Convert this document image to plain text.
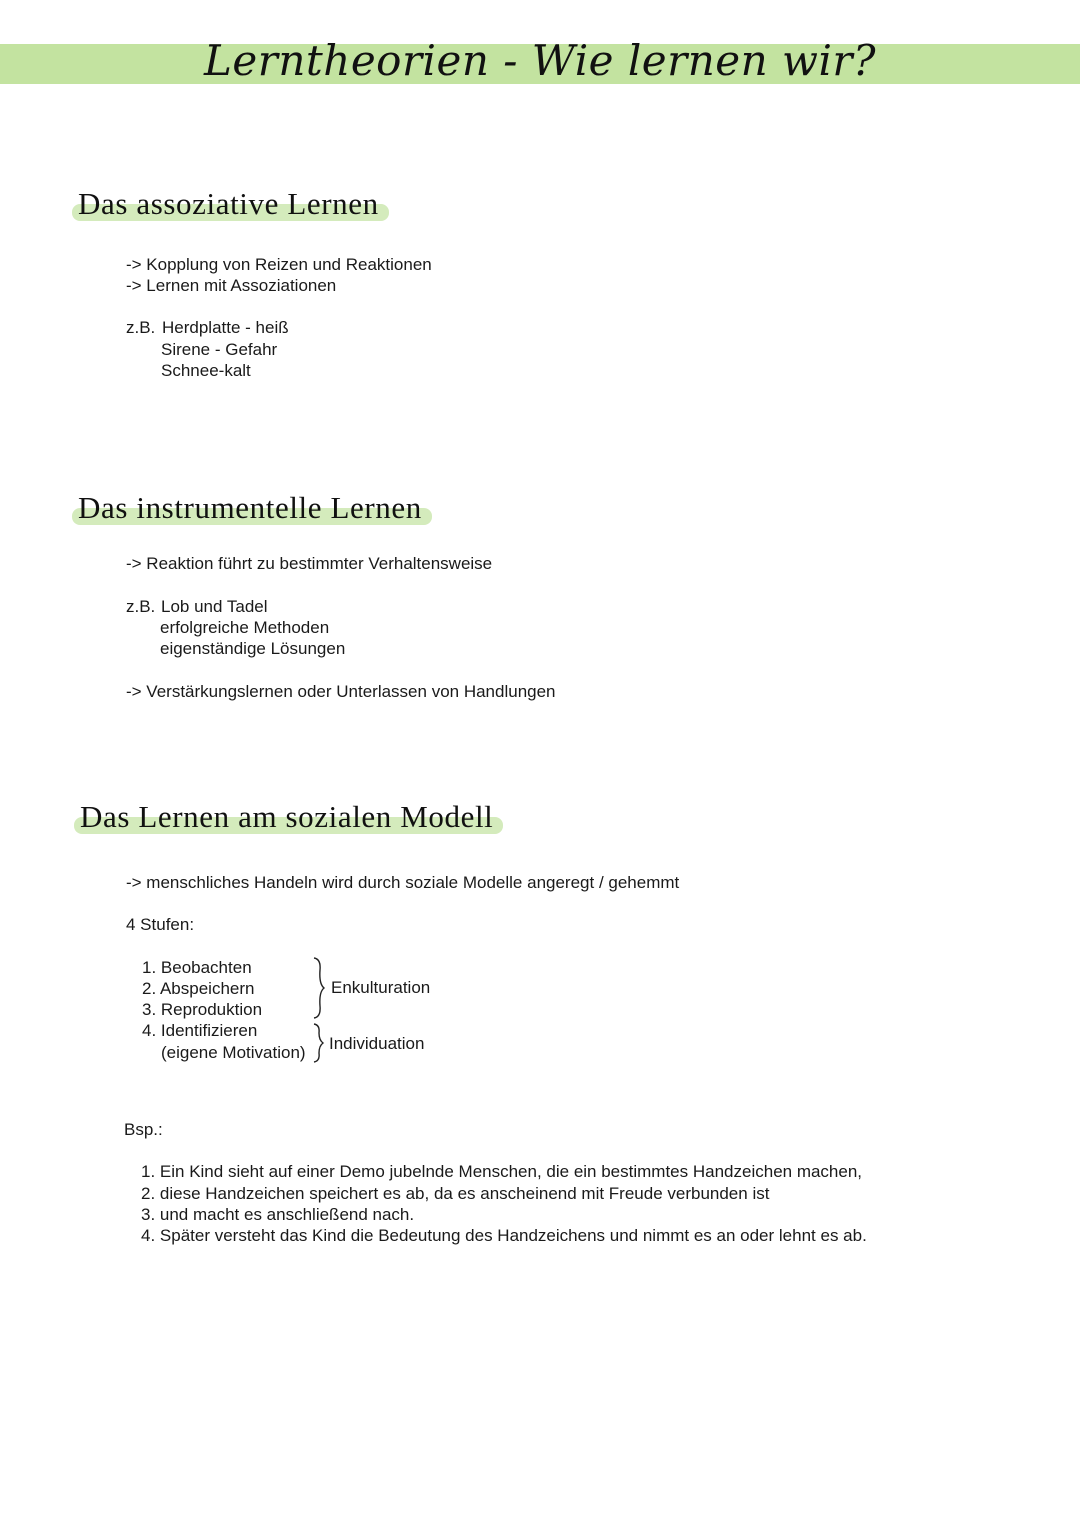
Lerntheorien - Wie lernen wir?
Das assoziative Lernen
-> Kopplung von Reizen und Reaktionen
-> Lernen mit Assoziationen
z.B. Herdplatte - heiß
Sirene - Gefahr
Schnee-kalt
Das instrumentelle Lernen
-> Reaktion führt zu bestimmter Verhaltensweise
z.B. Lob und Tadel
erfolgreiche Methoden
eigenständige Lösungen
-> Verstärkungslernen oder Unterlassen von Handlungen
Das Lernen am sozialen Modell
-> menschliches Handeln wird durch soziale Modelle angeregt / gehemmt
4 Stufen:
1. Beobachten
2. Abspeichern
3. Reproduktion
4. Identifizieren
(eigene Motivation)
Enkulturation
Individuation
Bsp.:
1. Ein Kind sieht auf einer Demo jubelnde Menschen, die ein bestimmtes Handzeichen machen,
2. diese Handzeichen speichert es ab, da es anscheinend mit Freude verbunden ist
3. und macht es anschließend nach.
4. Später versteht das Kind die Bedeutung des Handzeichens und nimmt es an oder lehnt es ab.
